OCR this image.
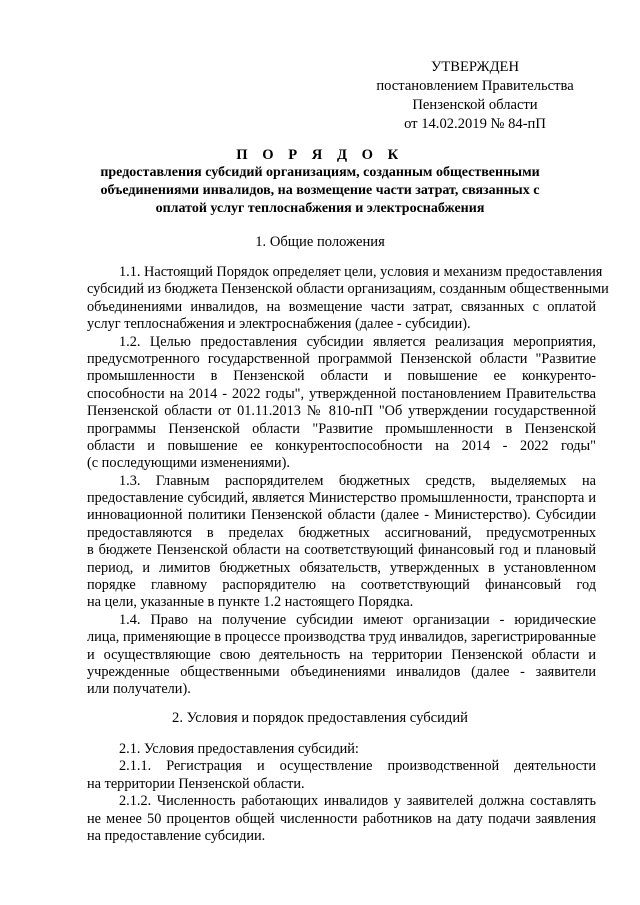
УТВЕРЖДЕН
постановлением Правительства
Пензенской области
от 14.02.2019 № 84-пП
П О Р Я Д О К
предоставления субсидий организациям, созданным общественными
объединениями инвалидов, на возмещение части затрат, связанных с
оплатой услуг теплоснабжения и электроснабжения
1. Общие положения
1.1. Настоящий Порядок определяет цели, условия и механизм предоставления
субсидий из бюджета Пензенской области организациям, созданным общественными
объединениями инвалидов, на возмещение части затрат, связанных с оплатой
услуг теплоснабжения и электроснабжения (далее - субсидии).
1.2. Целью предоставления субсидии является реализация мероприятия,
предусмотренного государственной программой Пензенской области "Развитие
промышленности в Пензенской области и повышение ее конкуренто-
способности на 2014 - 2022 годы", утвержденной постановлением Правительства
Пензенской области от 01.11.2013 № 810-пП "Об утверждении государственной
программы Пензенской области "Развитие промышленности в Пензенской
области и повышение ее конкурентоспособности на 2014 - 2022 годы"
(с последующими изменениями).
1.3. Главным распорядителем бюджетных средств, выделяемых на
предоставление субсидий, является Министерство промышленности, транспорта и
инновационной политики Пензенской области (далее - Министерство). Субсидии
предоставляются в пределах бюджетных ассигнований, предусмотренных
в бюджете Пензенской области на соответствующий финансовый год и плановый
период, и лимитов бюджетных обязательств, утвержденных в установленном
порядке главному распорядителю на соответствующий финансовый год
на цели, указанные в пункте 1.2 настоящего Порядка.
1.4. Право на получение субсидии имеют организации - юридические
лица, применяющие в процессе производства труд инвалидов, зарегистрированные
и осуществляющие свою деятельность на территории Пензенской области и
учрежденные общественными объединениями инвалидов (далее - заявители
или получатели).
2. Условия и порядок предоставления субсидий
2.1. Условия предоставления субсидий:
2.1.1. Регистрация и осуществление производственной деятельности
на территории Пензенской области.
2.1.2. Численность работающих инвалидов у заявителей должна составлять
не менее 50 процентов общей численности работников на дату подачи заявления
на предоставление субсидии.
